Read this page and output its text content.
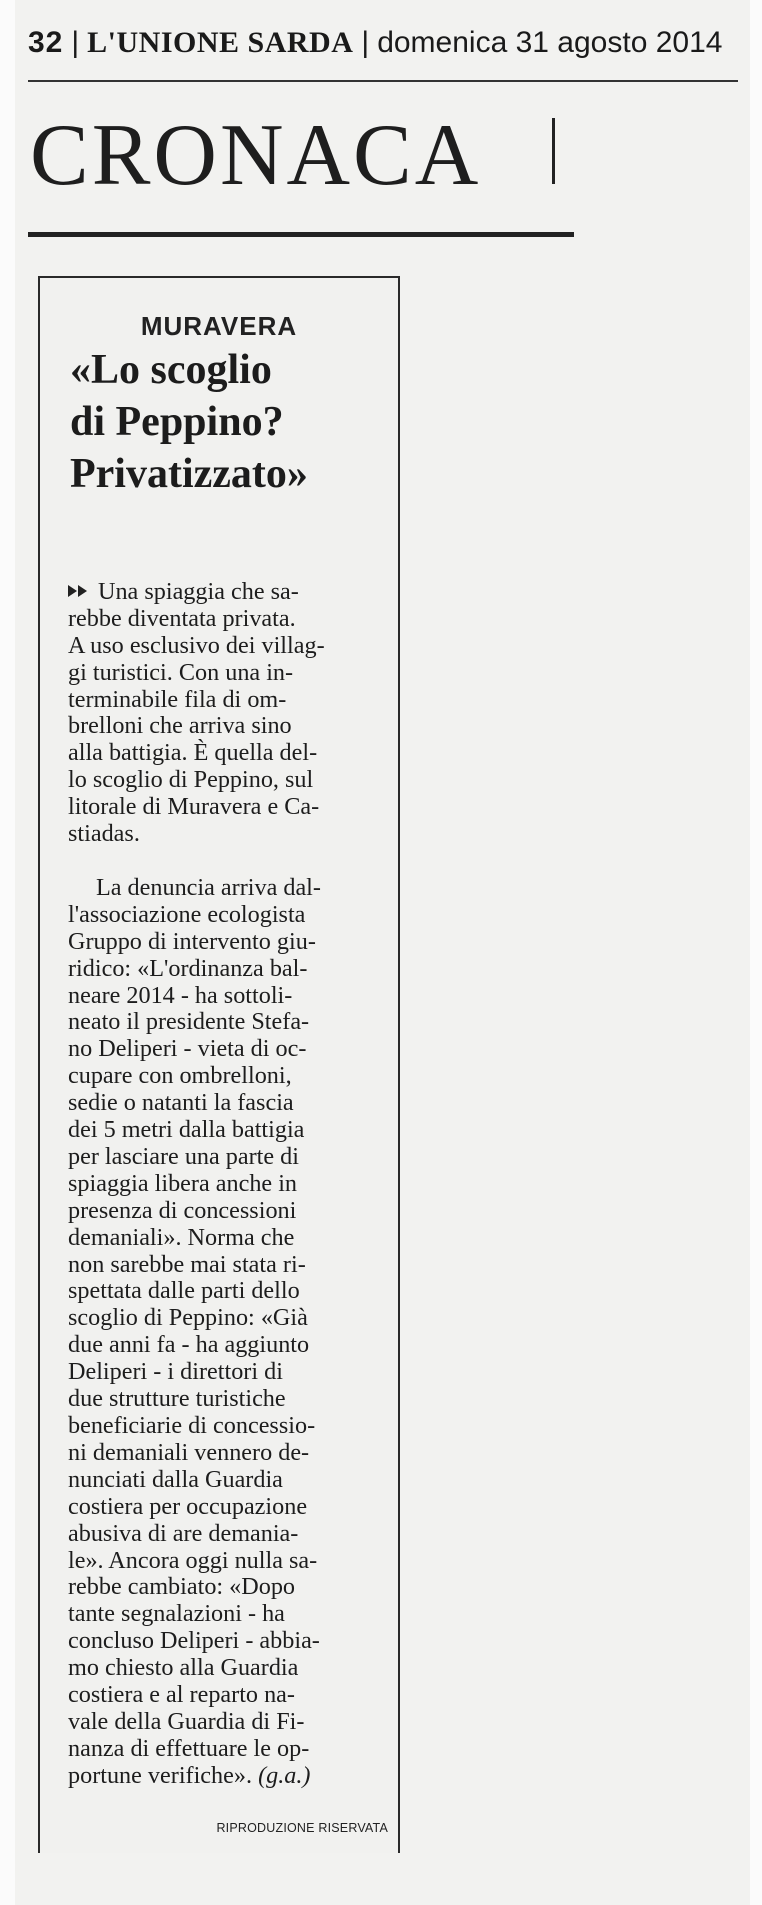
32 | L'UNIONE SARDA | domenica 31 agosto 2014
CRONACA
MURAVERA
«Lo scoglio
di Peppino?
Privatizzato»

Una spiaggia che sa-
rebbe diventata privata.
A uso esclusivo dei villag-
gi turistici. Con una in-
terminabile fila di om-
brelloni che arriva sino
alla battigia. È quella del-
lo scoglio di Peppino, sul
litorale di Muravera e Ca-
stiadas.

La denuncia arriva dal-
l'associazione ecologista
Gruppo di intervento giu-
ridico: «L'ordinanza bal-
neare 2014 - ha sottoli-
neato il presidente Stefa-
no Deliperi - vieta di oc-
cupare con ombrelloni,
sedie o natanti la fascia
dei 5 metri dalla battigia
per lasciare una parte di
spiaggia libera anche in
presenza di concessioni
demaniali». Norma che
non sarebbe mai stata ri-
spettata dalle parti dello
scoglio di Peppino: «Già
due anni fa - ha aggiunto
Deliperi - i direttori di
due strutture turistiche
beneficiarie di concessio-
ni demaniali vennero de-
nunciati dalla Guardia
costiera per occupazione
abusiva di are demania-
le». Ancora oggi nulla sa-
rebbe cambiato: «Dopo
tante segnalazioni - ha
concluso Deliperi - abbia-
mo chiesto alla Guardia
costiera e al reparto na-
vale della Guardia di Fi-
nanza di effettuare le op-
portune verifiche». (g.a.)

RIPRODUZIONE RISERVATA
